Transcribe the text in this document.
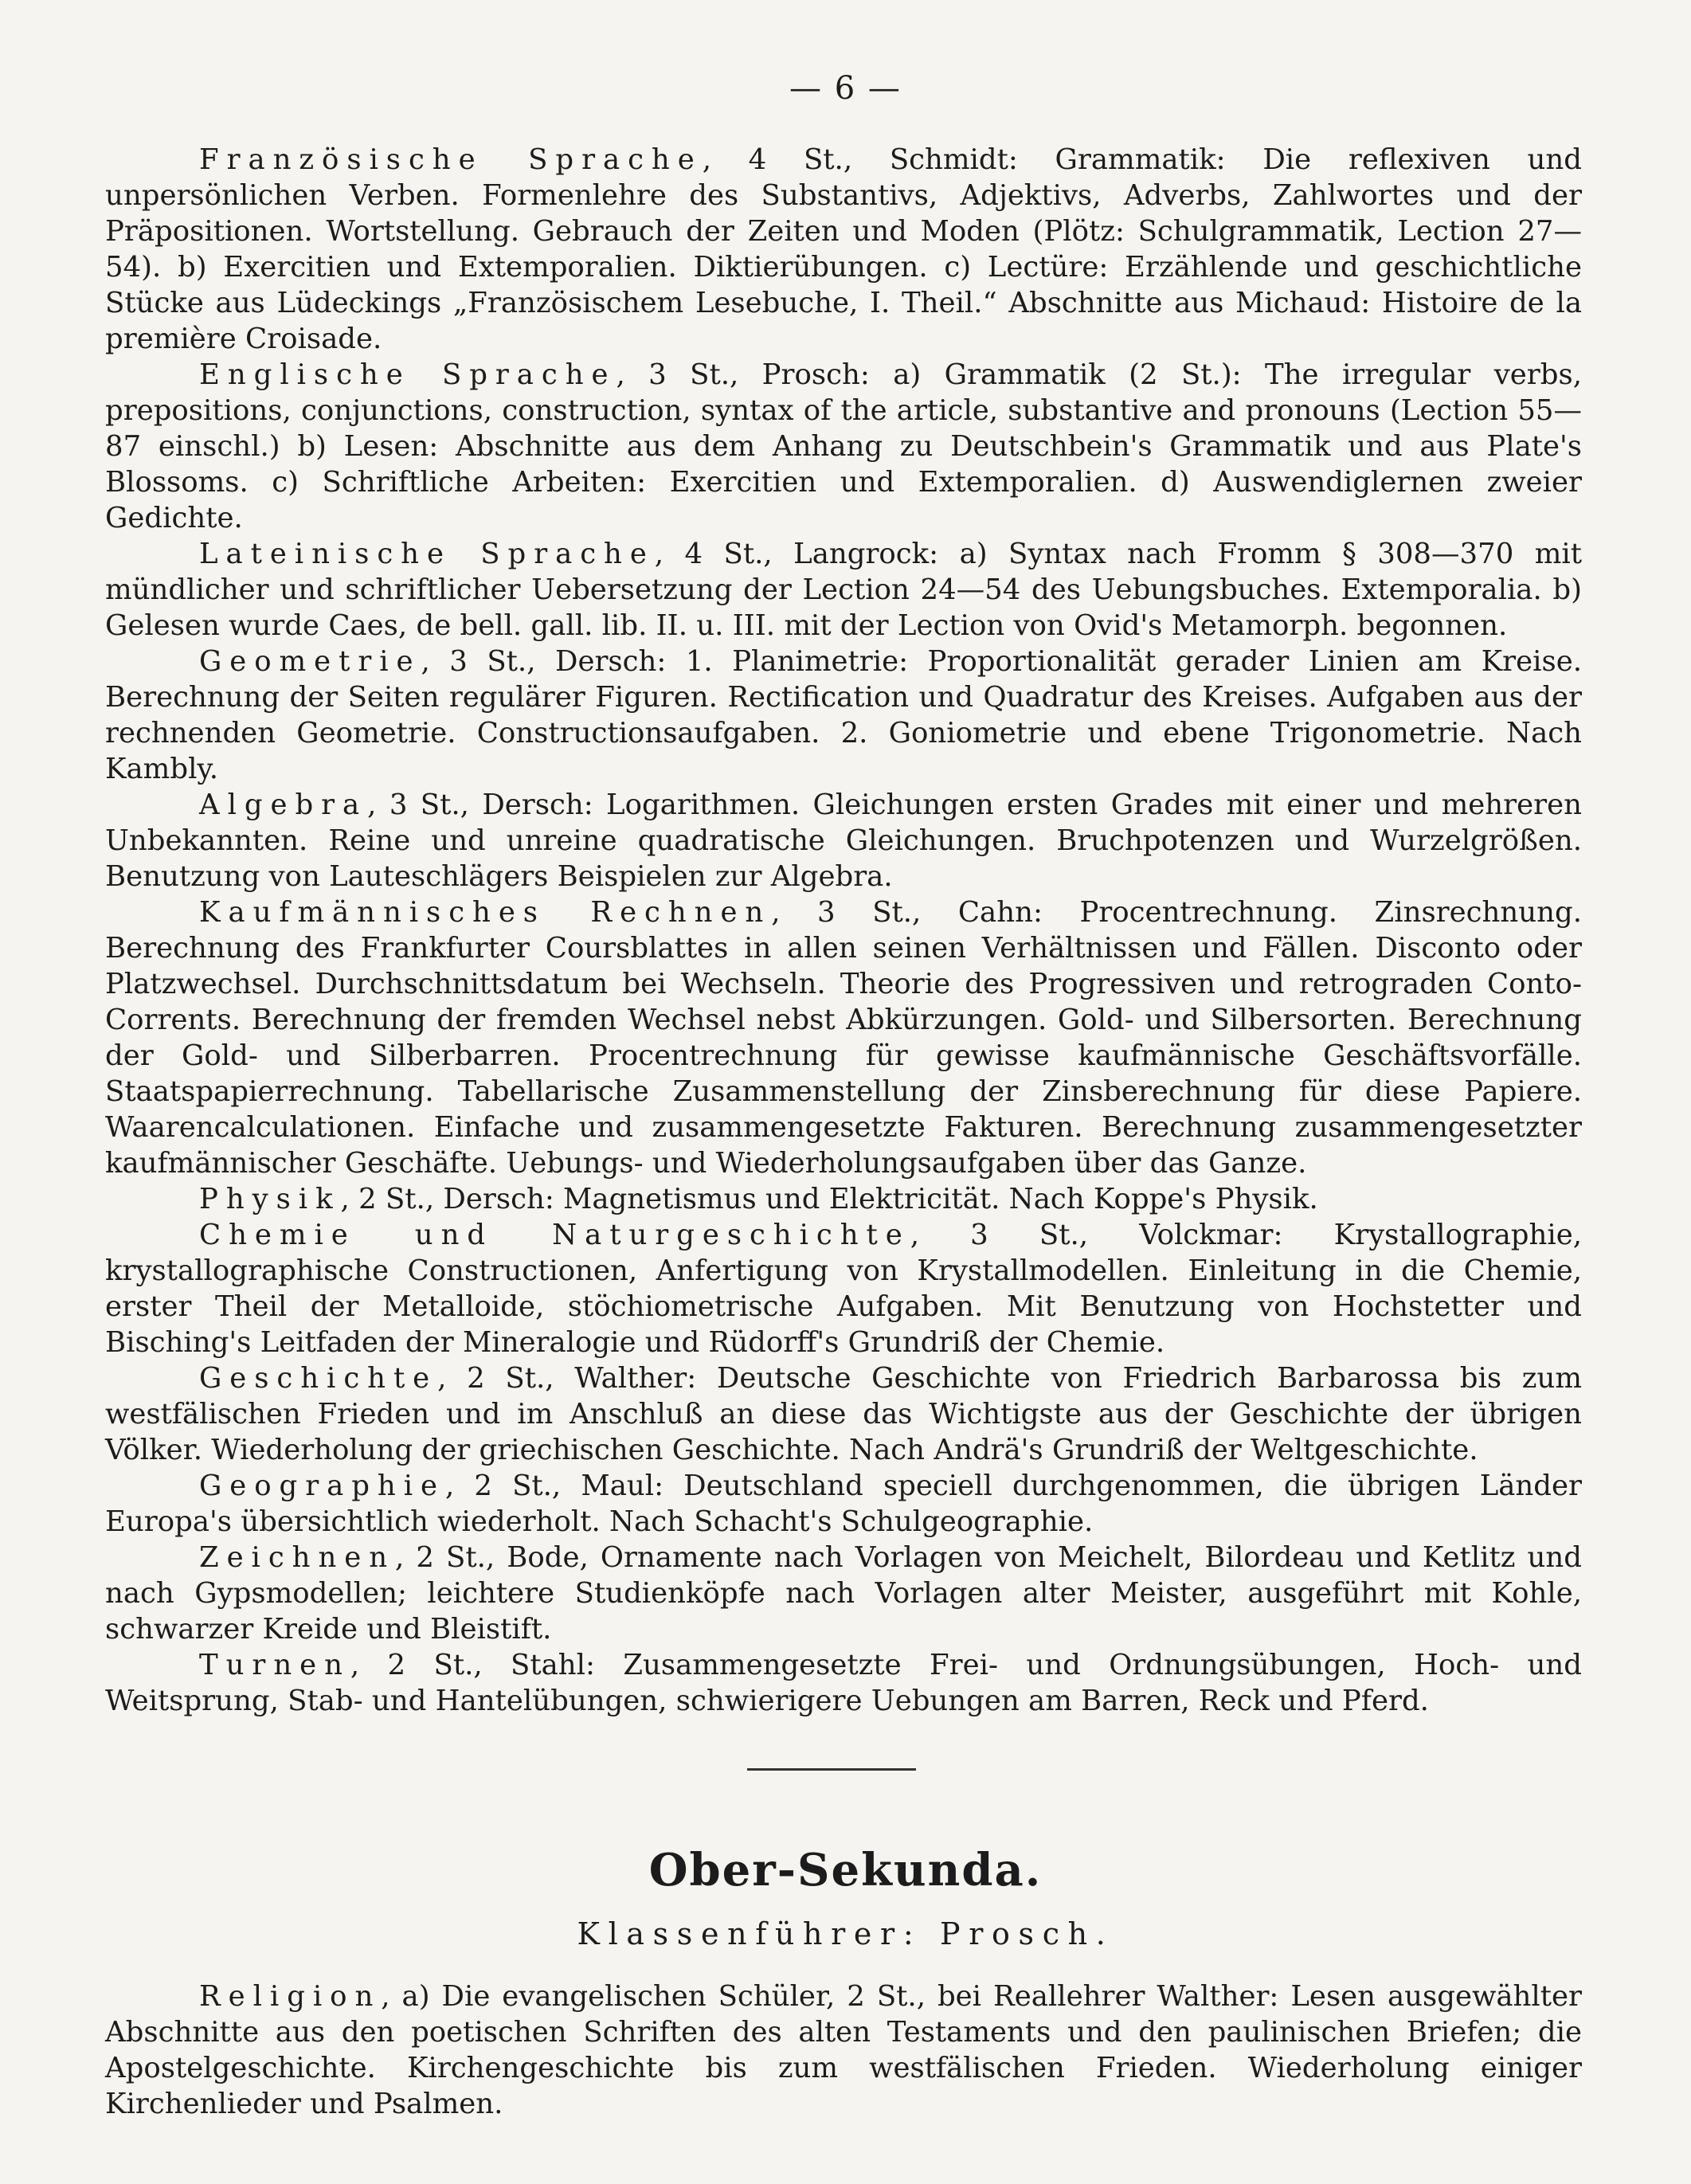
— 6 —

Französische Sprache, 4 St., Schmidt: Grammatik: Die reflexiven und unpersönlichen Verben. Formenlehre des Substantivs, Adjektivs, Adverbs, Zahlwortes und der Präpositionen. Wortstellung. Gebrauch der Zeiten und Moden (Plötz: Schulgrammatik, Lection 27—54). b) Exercitien und Extemporalien. Diktierübungen. c) Lectüre: Erzählende und geschichtliche Stücke aus Lüdeckings „Französischem Lesebuche, I. Theil.“ Abschnitte aus Michaud: Histoire de la première Croisade.

Englische Sprache, 3 St., Prosch: a) Grammatik (2 St.): The irregular verbs, prepositions, conjunctions, construction, syntax of the article, substantive and pronouns (Lection 55—87 einschl.) b) Lesen: Abschnitte aus dem Anhang zu Deutschbein's Grammatik und aus Plate's Blossoms. c) Schriftliche Arbeiten: Exercitien und Extemporalien. d) Auswendiglernen zweier Gedichte.

Lateinische Sprache, 4 St., Langrock: a) Syntax nach Fromm § 308—370 mit mündlicher und schriftlicher Uebersetzung der Lection 24—54 des Uebungsbuches. Extemporalia. b) Gelesen wurde Caes, de bell. gall. lib. II. u. III. mit der Lection von Ovid's Metamorph. begonnen.

Geometrie, 3 St., Dersch: 1. Planimetrie: Proportionalität gerader Linien am Kreise. Berechnung der Seiten regulärer Figuren. Rectification und Quadratur des Kreises. Aufgaben aus der rechnenden Geometrie. Constructionsaufgaben. 2. Goniometrie und ebene Trigonometrie. Nach Kambly.

Algebra, 3 St., Dersch: Logarithmen. Gleichungen ersten Grades mit einer und mehreren Unbekannten. Reine und unreine quadratische Gleichungen. Bruchpotenzen und Wurzelgrößen. Benutzung von Lauteschlägers Beispielen zur Algebra.

Kaufmännisches Rechnen, 3 St., Cahn: Procentrechnung. Zinsrechnung. Berechnung des Frankfurter Coursblattes in allen seinen Verhältnissen und Fällen. Disconto oder Platzwechsel. Durchschnittsdatum bei Wechseln. Theorie des Progressiven und retrograden Conto-Corrents. Berechnung der fremden Wechsel nebst Abkürzungen. Gold- und Silbersorten. Berechnung der Gold- und Silberbarren. Procentrechnung für gewisse kaufmännische Geschäftsvorfälle. Staatspapierrechnung. Tabellarische Zusammenstellung der Zinsberechnung für diese Papiere. Waarencalculationen. Einfache und zusammengesetzte Fakturen. Berechnung zusammengesetzter kaufmännischer Geschäfte. Uebungs- und Wiederholungsaufgaben über das Ganze.

Physik, 2 St., Dersch: Magnetismus und Elektricität. Nach Koppe's Physik.

Chemie und Naturgeschichte, 3 St., Volckmar: Krystallographie, krystallographische Constructionen, Anfertigung von Krystallmodellen. Einleitung in die Chemie, erster Theil der Metalloide, stöchiometrische Aufgaben. Mit Benutzung von Hochstetter und Bisching's Leitfaden der Mineralogie und Rüdorff's Grundriß der Chemie.

Geschichte, 2 St., Walther: Deutsche Geschichte von Friedrich Barbarossa bis zum westfälischen Frieden und im Anschluß an diese das Wichtigste aus der Geschichte der übrigen Völker. Wiederholung der griechischen Geschichte. Nach Andrä's Grundriß der Weltgeschichte.

Geographie, 2 St., Maul: Deutschland speciell durchgenommen, die übrigen Länder Europa's übersichtlich wiederholt. Nach Schacht's Schulgeographie.

Zeichnen, 2 St., Bode, Ornamente nach Vorlagen von Meichelt, Bilordeau und Ketlitz und nach Gypsmodellen; leichtere Studienköpfe nach Vorlagen alter Meister, ausgeführt mit Kohle, schwarzer Kreide und Bleistift.

Turnen, 2 St., Stahl: Zusammengesetzte Frei- und Ordnungsübungen, Hoch- und Weitsprung, Stab- und Hantelübungen, schwierigere Uebungen am Barren, Reck und Pferd.

Ober-Sekunda.
Klassenführer: Prosch.

Religion, a) Die evangelischen Schüler, 2 St., bei Reallehrer Walther: Lesen ausgewählter Abschnitte aus den poetischen Schriften des alten Testaments und den paulinischen Briefen; die Apostelgeschichte. Kirchengeschichte bis zum westfälischen Frieden. Wiederholung einiger Kirchenlieder und Psalmen.
